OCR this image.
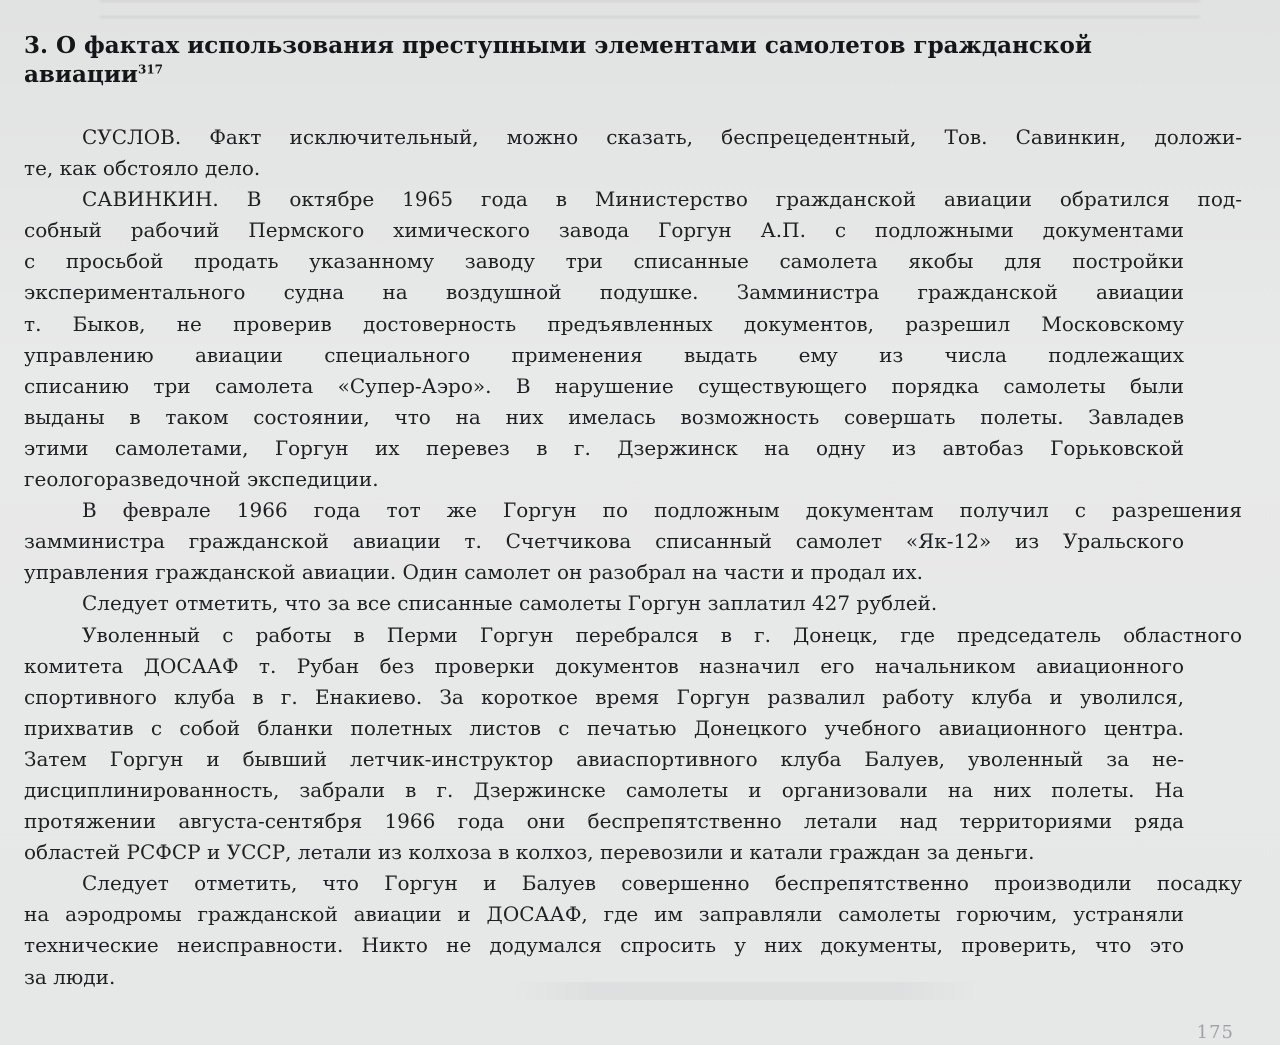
3. О фактах использования преступными элементами самолетов гражданской
авиации$^{317}$

СУСЛОВ. Факт исключительный, можно сказать, беспрецедентный, Тов. Савинкин, доложи-
те, как обстояло дело.

САВИНКИН. В октябре 1965 года в Министерство гражданской авиации обратился под-
собный рабочий Пермского химического завода Горгун А.П. с подложными документами
с просьбой продать указанному заводу три списанные самолета якобы для постройки
экспериментального судна на воздушной подушке. Замминистра гражданской авиации
т. Быков, не проверив достоверность предъявленных документов, разрешил Московскому
управлению авиации специального применения выдать ему из числа подлежащих
списанию три самолета «Супер-Аэро». В нарушение существующего порядка самолеты были
выданы в таком состоянии, что на них имелась возможность совершать полеты. Завладев
этими самолетами, Горгун их перевез в г. Дзержинск на одну из автобаз Горьковской
геологоразведочной экспедиции.

В феврале 1966 года тот же Горгун по подложным документам получил с разрешения
замминистра гражданской авиации т. Счетчикова списанный самолет «Як-12» из Уральского
управления гражданской авиации. Один самолет он разобрал на части и продал их.

Следует отметить, что за все списанные самолеты Горгун заплатил 427 рублей.

Уволенный с работы в Перми Горгун перебрался в г. Донецк, где председатель областного
комитета ДОСААФ т. Рубан без проверки документов назначил его начальником авиационного
спортивного клуба в г. Енакиево. За короткое время Горгун развалил работу клуба и уволился,
прихватив с собой бланки полетных листов с печатью Донецкого учебного авиационного центра.
Затем Горгун и бывший летчик-инструктор авиаспортивного клуба Балуев, уволенный за не-
дисциплинированность, забрали в г. Дзержинске самолеты и организовали на них полеты. На
протяжении августа-сентября 1966 года они беспрепятственно летали над территориями ряда
областей РСФСР и УССР, летали из колхоза в колхоз, перевозили и катали граждан за деньги.

Следует отметить, что Горгун и Балуев совершенно беспрепятственно производили посадку
на аэродромы гражданской авиации и ДОСААФ, где им заправляли самолеты горючим, устраняли
технические неисправности. Никто не додумался спросить у них документы, проверить, что это
за люди.

175
